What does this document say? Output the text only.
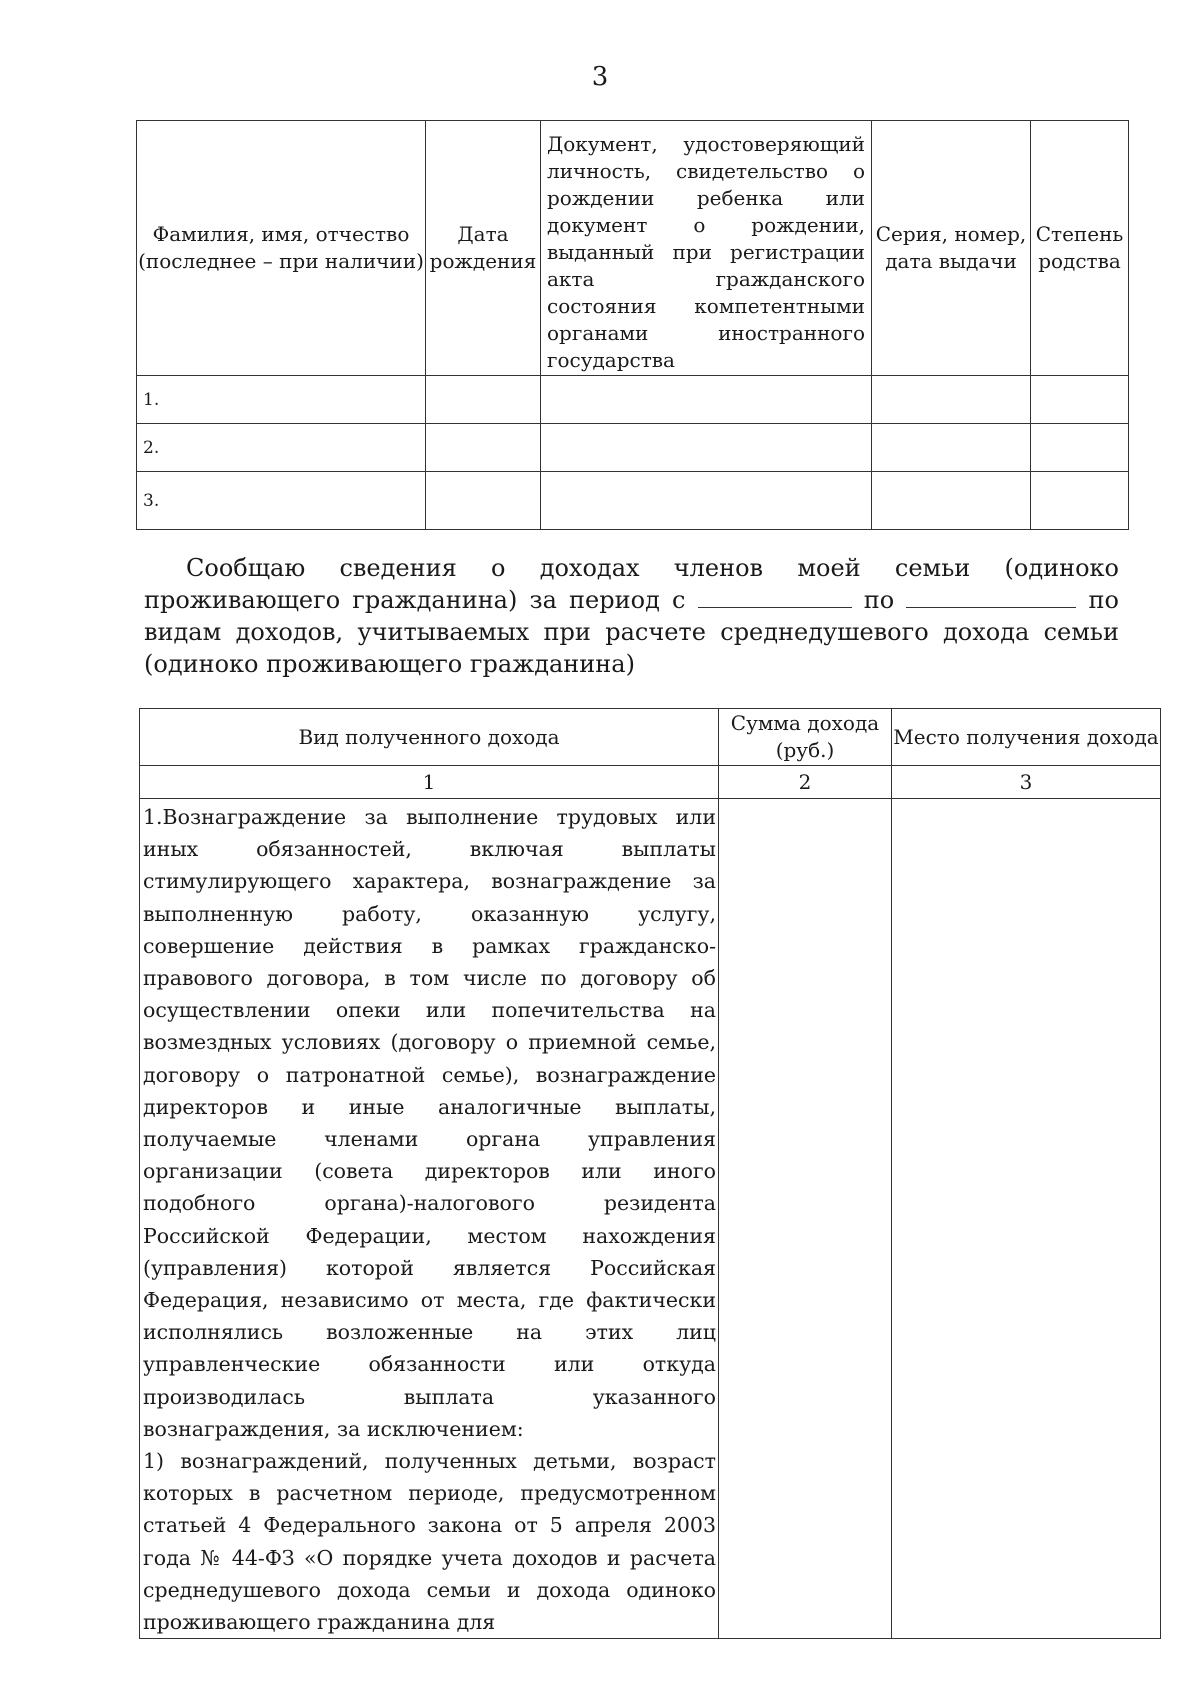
3
Фамилия, имя, отчество (последнее – при наличии)	Дата рождения	Документ, удостоверяющий личность, свидетельство о рождении ребенка или документ о рождении, выданный при регистрации акта гражданского состояния компетентными органами иностранного государства	Серия, номер, дата выдачи	Степень родства
1.				
2.				
3.				
Сообщаю сведения о доходах членов моей семьи (одиноко проживающего гражданина) за период с	по	по видам доходов, учитываемых при расчете среднедушевого дохода семьи (одиноко проживающего гражданина)
Вид полученного дохода	Сумма дохода (руб.)	Место получения дохода
1	2	3

1.Вознаграждение за выполнение трудовых или иных обязанностей, включая выплаты стимулирующего характера, вознаграждение за выполненную работу, оказанную услугу, совершение действия в рамках гражданско-правового договора, в том числе по договору об осуществлении опеки или попечительства на возмездных условиях (договору о приемной семье, договору о патронатной семье), вознаграждение директоров и иные аналогичные выплаты, получаемые членами органа управления организации (совета директоров или иного подобного органа)-налогового резидента Российской Федерации, местом нахождения (управления) которой является Российская Федерация, независимо от места, где фактически исполнялись возложенные на этих лиц управленческие обязанности или откуда производилась выплата указанного вознаграждения, за исключением:

1) вознаграждений, полученных детьми, возраст которых в расчетном периоде, предусмотренном статьей 4 Федерального закона от 5 апреля 2003 года № 44-ФЗ «О порядке учета доходов и расчета среднедушевого дохода семьи и дохода одиноко проживающего гражданина для		
